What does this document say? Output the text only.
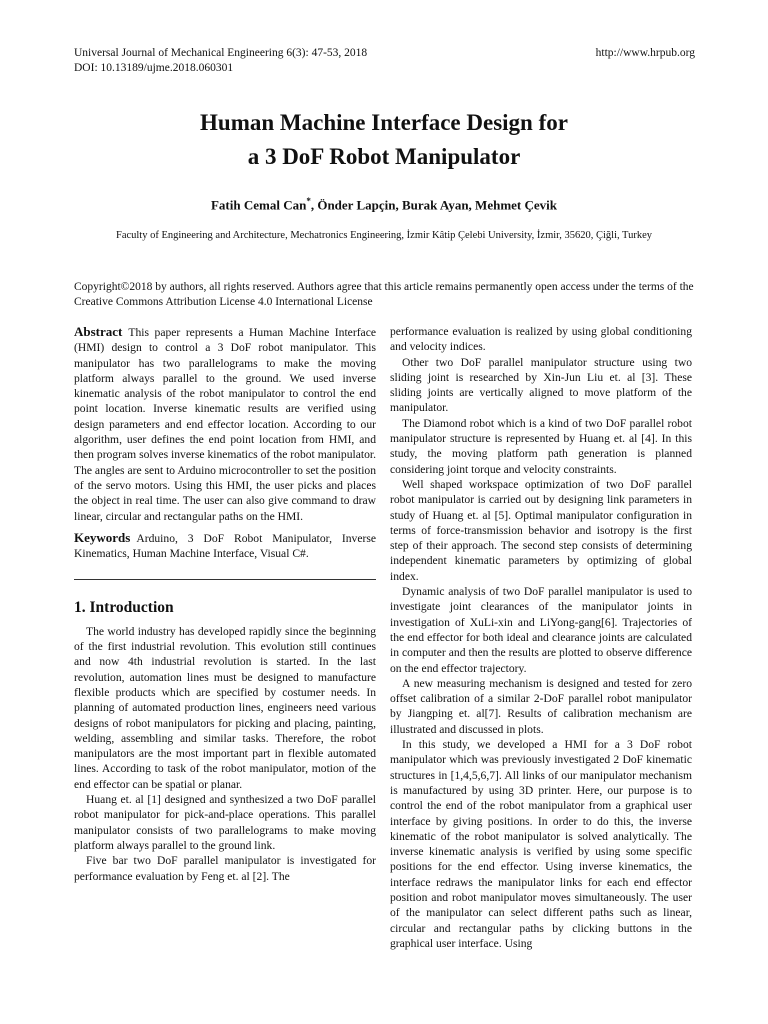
Universal Journal of Mechanical Engineering 6(3): 47-53, 2018
DOI: 10.13189/ujme.2018.060301
http://www.hrpub.org
Human Machine Interface Design for
a 3 DoF Robot Manipulator
Fatih Cemal Can*, Önder Lapçin, Burak Ayan, Mehmet Çevik
Faculty of Engineering and Architecture, Mechatronics Engineering, İzmir Kâtip Çelebi University, İzmir, 35620, Çiğli, Turkey
Copyright©2018 by authors, all rights reserved. Authors agree that this article remains permanently open access under the terms of the Creative Commons Attribution License 4.0 International License

Abstract This paper represents a Human Machine Interface (HMI) design to control a 3 DoF robot manipulator. This manipulator has two parallelograms to make the moving platform always parallel to the ground. We used inverse kinematic analysis of the robot manipulator to control the end point location. Inverse kinematic results are verified using design parameters and end effector location. According to our algorithm, user defines the end point location from HMI, and then program solves inverse kinematics of the robot manipulator. The angles are sent to Arduino microcontroller to set the position of the servo motors. Using this HMI, the user picks and places the object in real time. The user can also give command to draw linear, circular and rectangular paths on the HMI.

Keywords Arduino, 3 DoF Robot Manipulator, Inverse Kinematics, Human Machine Interface, Visual C#.

1. Introduction

The world industry has developed rapidly since the beginning of the first industrial revolution. This evolution still continues and now 4th industrial revolution is started. In the last revolution, automation lines must be designed to manufacture flexible products which are specified by costumer needs. In planning of automated production lines, engineers need various designs of robot manipulators for picking and placing, painting, welding, assembling and similar tasks. Therefore, the robot manipulators are the most important part in flexible automated lines. According to task of the robot manipulator, motion of the end effector can be spatial or planar.

Huang et. al [1] designed and synthesized a two DoF parallel robot manipulator for pick-and-place operations. This parallel manipulator consists of two parallelograms to make moving platform always parallel to the ground link.

Five bar two DoF parallel manipulator is investigated for performance evaluation by Feng et. al [2]. The

performance evaluation is realized by using global conditioning and velocity indices.

Other two DoF parallel manipulator structure using two sliding joint is researched by Xin-Jun Liu et. al [3]. These sliding joints are vertically aligned to move platform of the manipulator.

The Diamond robot which is a kind of two DoF parallel robot manipulator structure is represented by Huang et. al [4]. In this study, the moving platform path generation is planned considering joint torque and velocity constraints.

Well shaped workspace optimization of two DoF parallel robot manipulator is carried out by designing link parameters in study of Huang et. al [5]. Optimal manipulator configuration in terms of force-transmission behavior and isotropy is the first step of their approach. The second step consists of determining independent kinematic parameters by optimizing of global index.

Dynamic analysis of two DoF parallel manipulator is used to investigate joint clearances of the manipulator joints in investigation of XuLi-xin and LiYong-gang[6]. Trajectories of the end effector for both ideal and clearance joints are calculated in computer and then the results are plotted to observe difference on the end effector trajectory.

A new measuring mechanism is designed and tested for zero offset calibration of a similar 2-DoF parallel robot manipulator by Jiangping et. al[7]. Results of calibration mechanism are illustrated and discussed in plots.

In this study, we developed a HMI for a 3 DoF robot manipulator which was previously investigated 2 DoF kinematic structures in [1,4,5,6,7]. All links of our manipulator mechanism is manufactured by using 3D printer. Here, our purpose is to control the end of the robot manipulator from a graphical user interface by giving positions. In order to do this, the inverse kinematic of the robot manipulator is solved analytically. The inverse kinematic analysis is verified by using some specific positions for the end effector. Using inverse kinematics, the interface redraws the manipulator links for each end effector position and robot manipulator moves simultaneously. The user of the manipulator can select different paths such as linear, circular and rectangular paths by clicking buttons in the graphical user interface. Using
